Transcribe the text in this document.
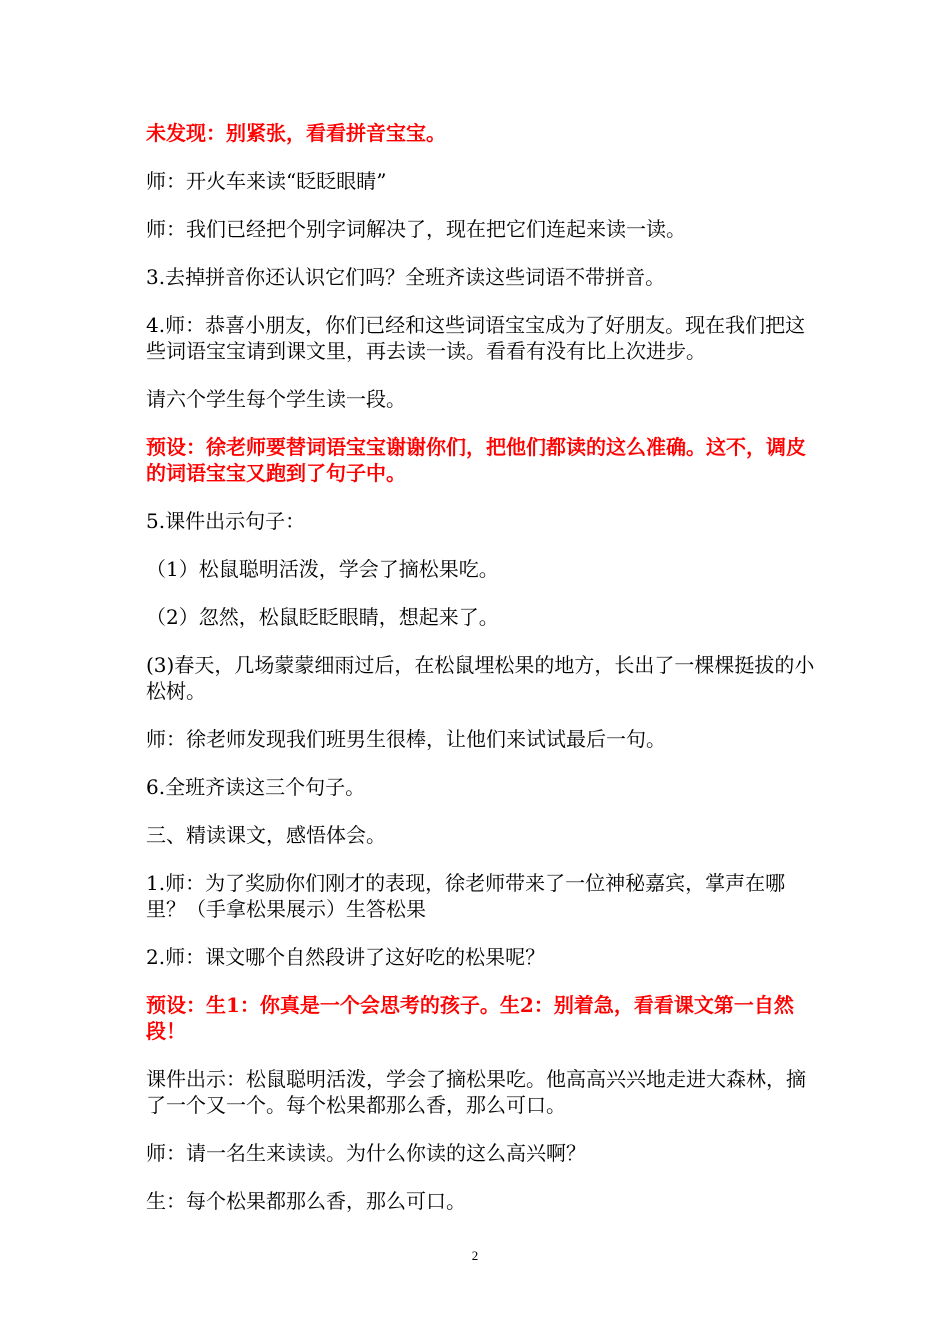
未发现：别紧张，看看拼音宝宝。

师：开火车来读“眨眨眼睛”

师：我们已经把个别字词解决了，现在把它们连起来读一读。

3.去掉拼音你还认识它们吗？全班齐读这些词语不带拼音。

4.师：恭喜小朋友，你们已经和这些词语宝宝成为了好朋友。现在我们把这些词语宝宝请到课文里，再去读一读。看看有没有比上次进步。

请六个学生每个学生读一段。

预设：徐老师要替词语宝宝谢谢你们，把他们都读的这么准确。这不，调皮的词语宝宝又跑到了句子中。

5.课件出示句子：

（1）松鼠聪明活泼，学会了摘松果吃。

（2）忽然，松鼠眨眨眼睛，想起来了。

(3)春天，几场蒙蒙细雨过后，在松鼠埋松果的地方，长出了一棵棵挺拔的小松树。

师：徐老师发现我们班男生很棒，让他们来试试最后一句。

6.全班齐读这三个句子。

三、精读课文，感悟体会。

1.师：为了奖励你们刚才的表现，徐老师带来了一位神秘嘉宾，掌声在哪里？（手拿松果展示）生答松果

2.师：课文哪个自然段讲了这好吃的松果呢？

预设：生1：你真是一个会思考的孩子。生2：别着急，看看课文第一自然段！

课件出示：松鼠聪明活泼，学会了摘松果吃。他高高兴兴地走进大森林，摘了一个又一个。每个松果都那么香，那么可口。

师：请一名生来读读。为什么你读的这么高兴啊？

生：每个松果都那么香，那么可口。

2
